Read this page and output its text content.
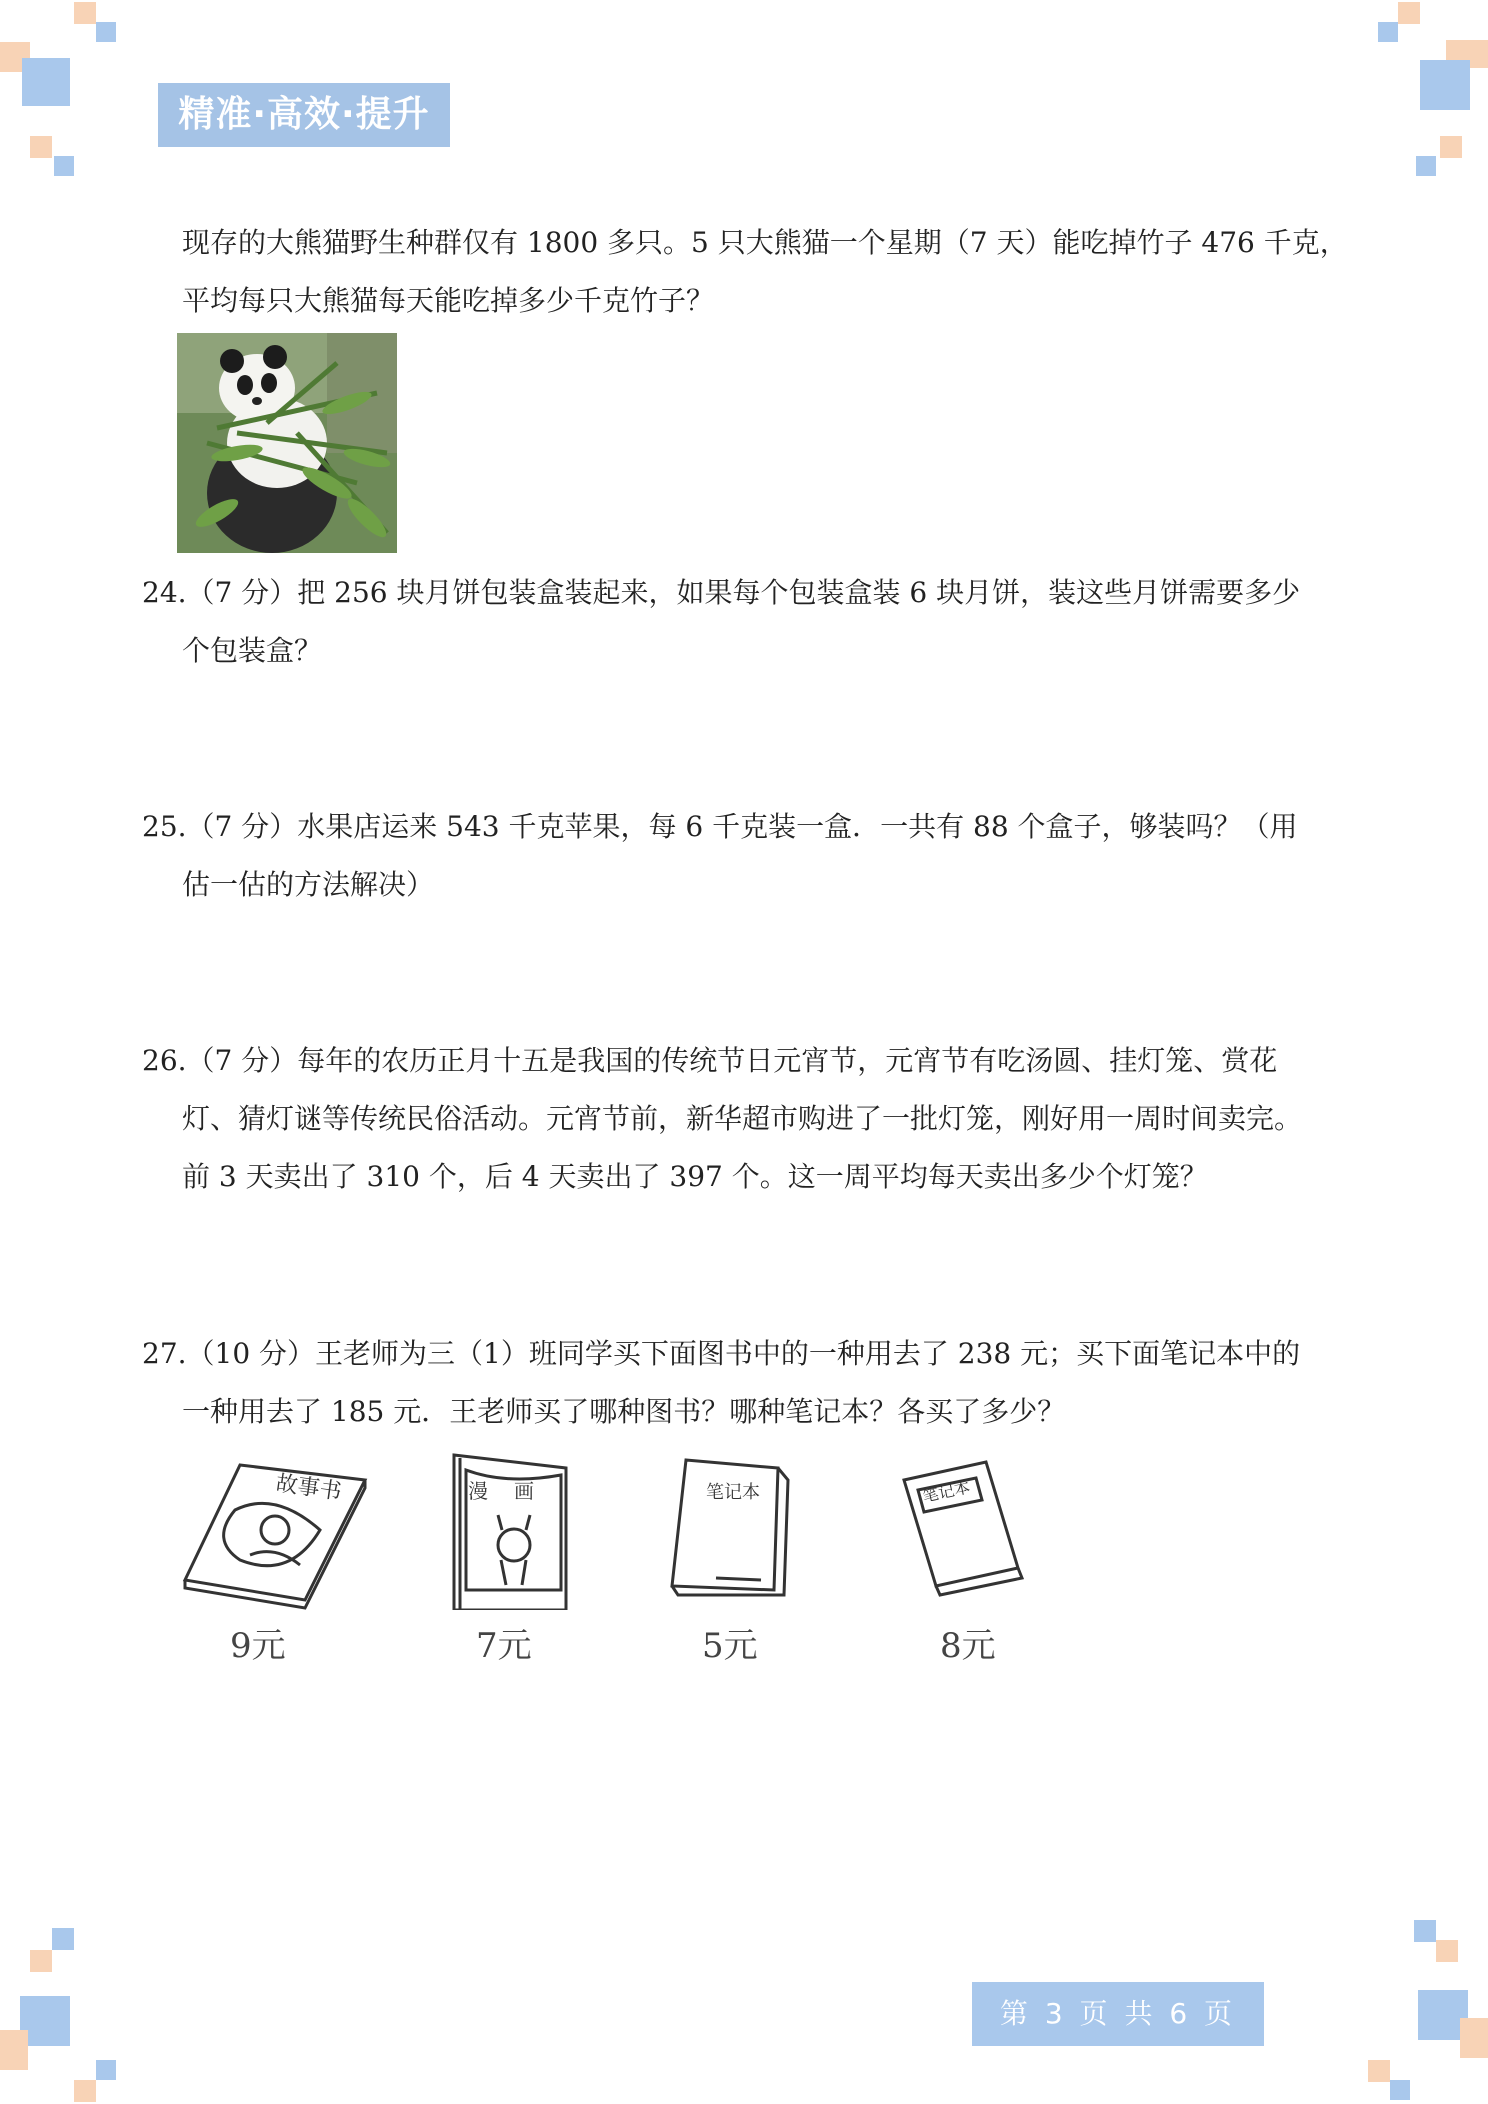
精准·高效·提升
现存的大熊猫野生种群仅有 1800 多只。5 只大熊猫一个星期（7 天）能吃掉竹子 476 千克，
平均每只大熊猫每天能吃掉多少千克竹子？
24.（7 分）把 256 块月饼包装盒装起来，如果每个包装盒装 6 块月饼，装这些月饼需要多少
个包装盒？
25.（7 分）水果店运来 543 千克苹果，每 6 千克装一盒．一共有 88 个盒子，够装吗？（用
估一估的方法解决）
26.（7 分）每年的农历正月十五是我国的传统节日元宵节，元宵节有吃汤圆、挂灯笼、赏花
灯、猜灯谜等传统民俗活动。元宵节前，新华超市购进了一批灯笼，刚好用一周时间卖完。
前 3 天卖出了 310 个，后 4 天卖出了 397 个。这一周平均每天卖出多少个灯笼？
27.（10 分）王老师为三（1）班同学买下面图书中的一种用去了 238 元；买下面笔记本中的
一种用去了 185 元．王老师买了哪种图书？哪种笔记本？各买了多少？
故事书	漫画	笔记本	笔记本
9元	7元	5元	8元
第 3 页 共 6 页
